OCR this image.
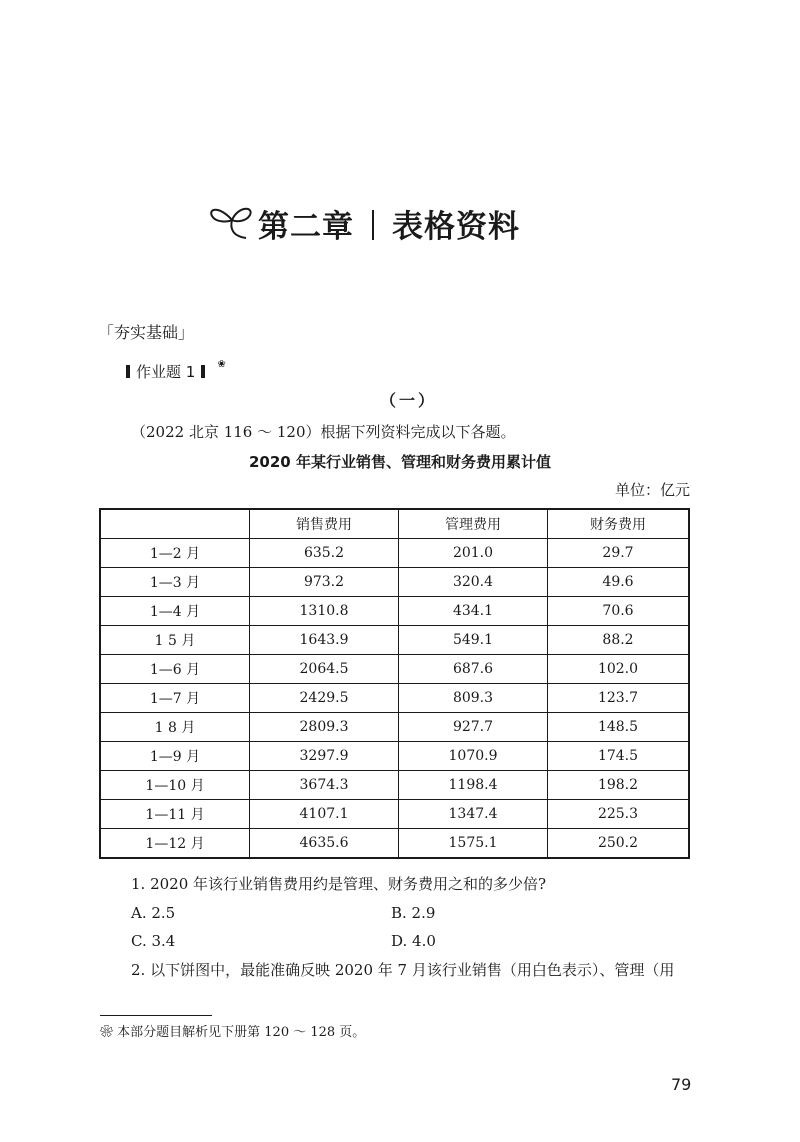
第二章 表格资料
「夯实基础」
作业题 1 ❀
（一）
（2022 北京 116 ～ 120）根据下列资料完成以下各题。
2020 年某行业销售、管理和财务费用累计值
单位：亿元
	销售费用	管理费用	财务费用
1—2 月	635.2	201.0	29.7
1—3 月	973.2	320.4	49.6
1—4 月	1310.8	434.1	70.6
1 5 月	1643.9	549.1	88.2
1—6 月	2064.5	687.6	102.0
1—7 月	2429.5	809.3	123.7
1 8 月	2809.3	927.7	148.5
1—9 月	3297.9	1070.9	174.5
1—10 月	3674.3	1198.4	198.2
1—11 月	4107.1	1347.4	225.3
1—12 月	4635.6	1575.1	250.2
1. 2020 年该行业销售费用约是管理、财务费用之和的多少倍?
A. 2.5	B. 2.9
C. 3.4	D. 4.0
2. 以下饼图中，最能准确反映 2020 年 7 月该行业销售（用白色表示）、管理（用
❀ 本部分题目解析见下册第 120 ～ 128 页。
79
